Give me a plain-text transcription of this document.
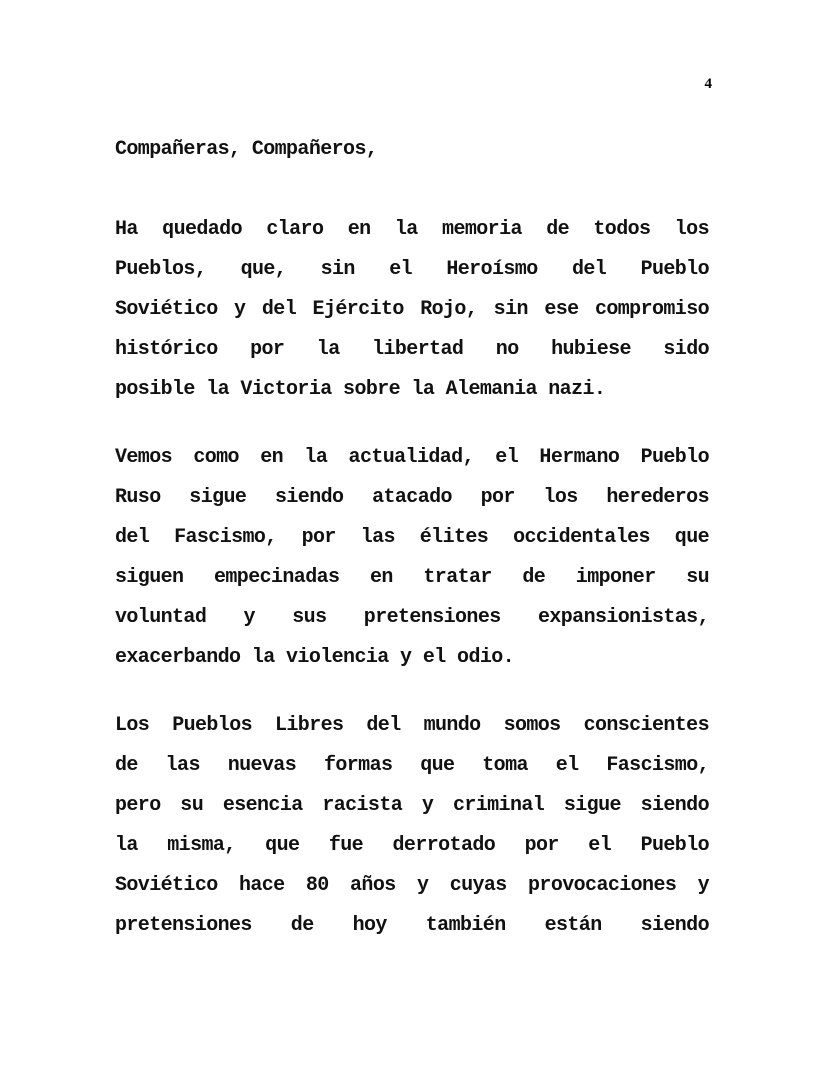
4
Compañeras, Compañeros,
Ha quedado claro en la memoria de todos los
Pueblos, que, sin el Heroísmo del Pueblo
Soviético y del Ejército Rojo, sin ese compromiso
histórico por la libertad no hubiese sido
posible la Victoria sobre la Alemania nazi.
Vemos como en la actualidad, el Hermano Pueblo
Ruso sigue siendo atacado por los herederos
del Fascismo, por las élites occidentales que
siguen empecinadas en tratar de imponer su
voluntad y sus pretensiones expansionistas,
exacerbando la violencia y el odio.
Los Pueblos Libres del mundo somos conscientes
de las nuevas formas que toma el Fascismo,
pero su esencia racista y criminal sigue siendo
la misma, que fue derrotado por el Pueblo
Soviético hace 80 años y cuyas provocaciones y
pretensiones de hoy también están siendo
